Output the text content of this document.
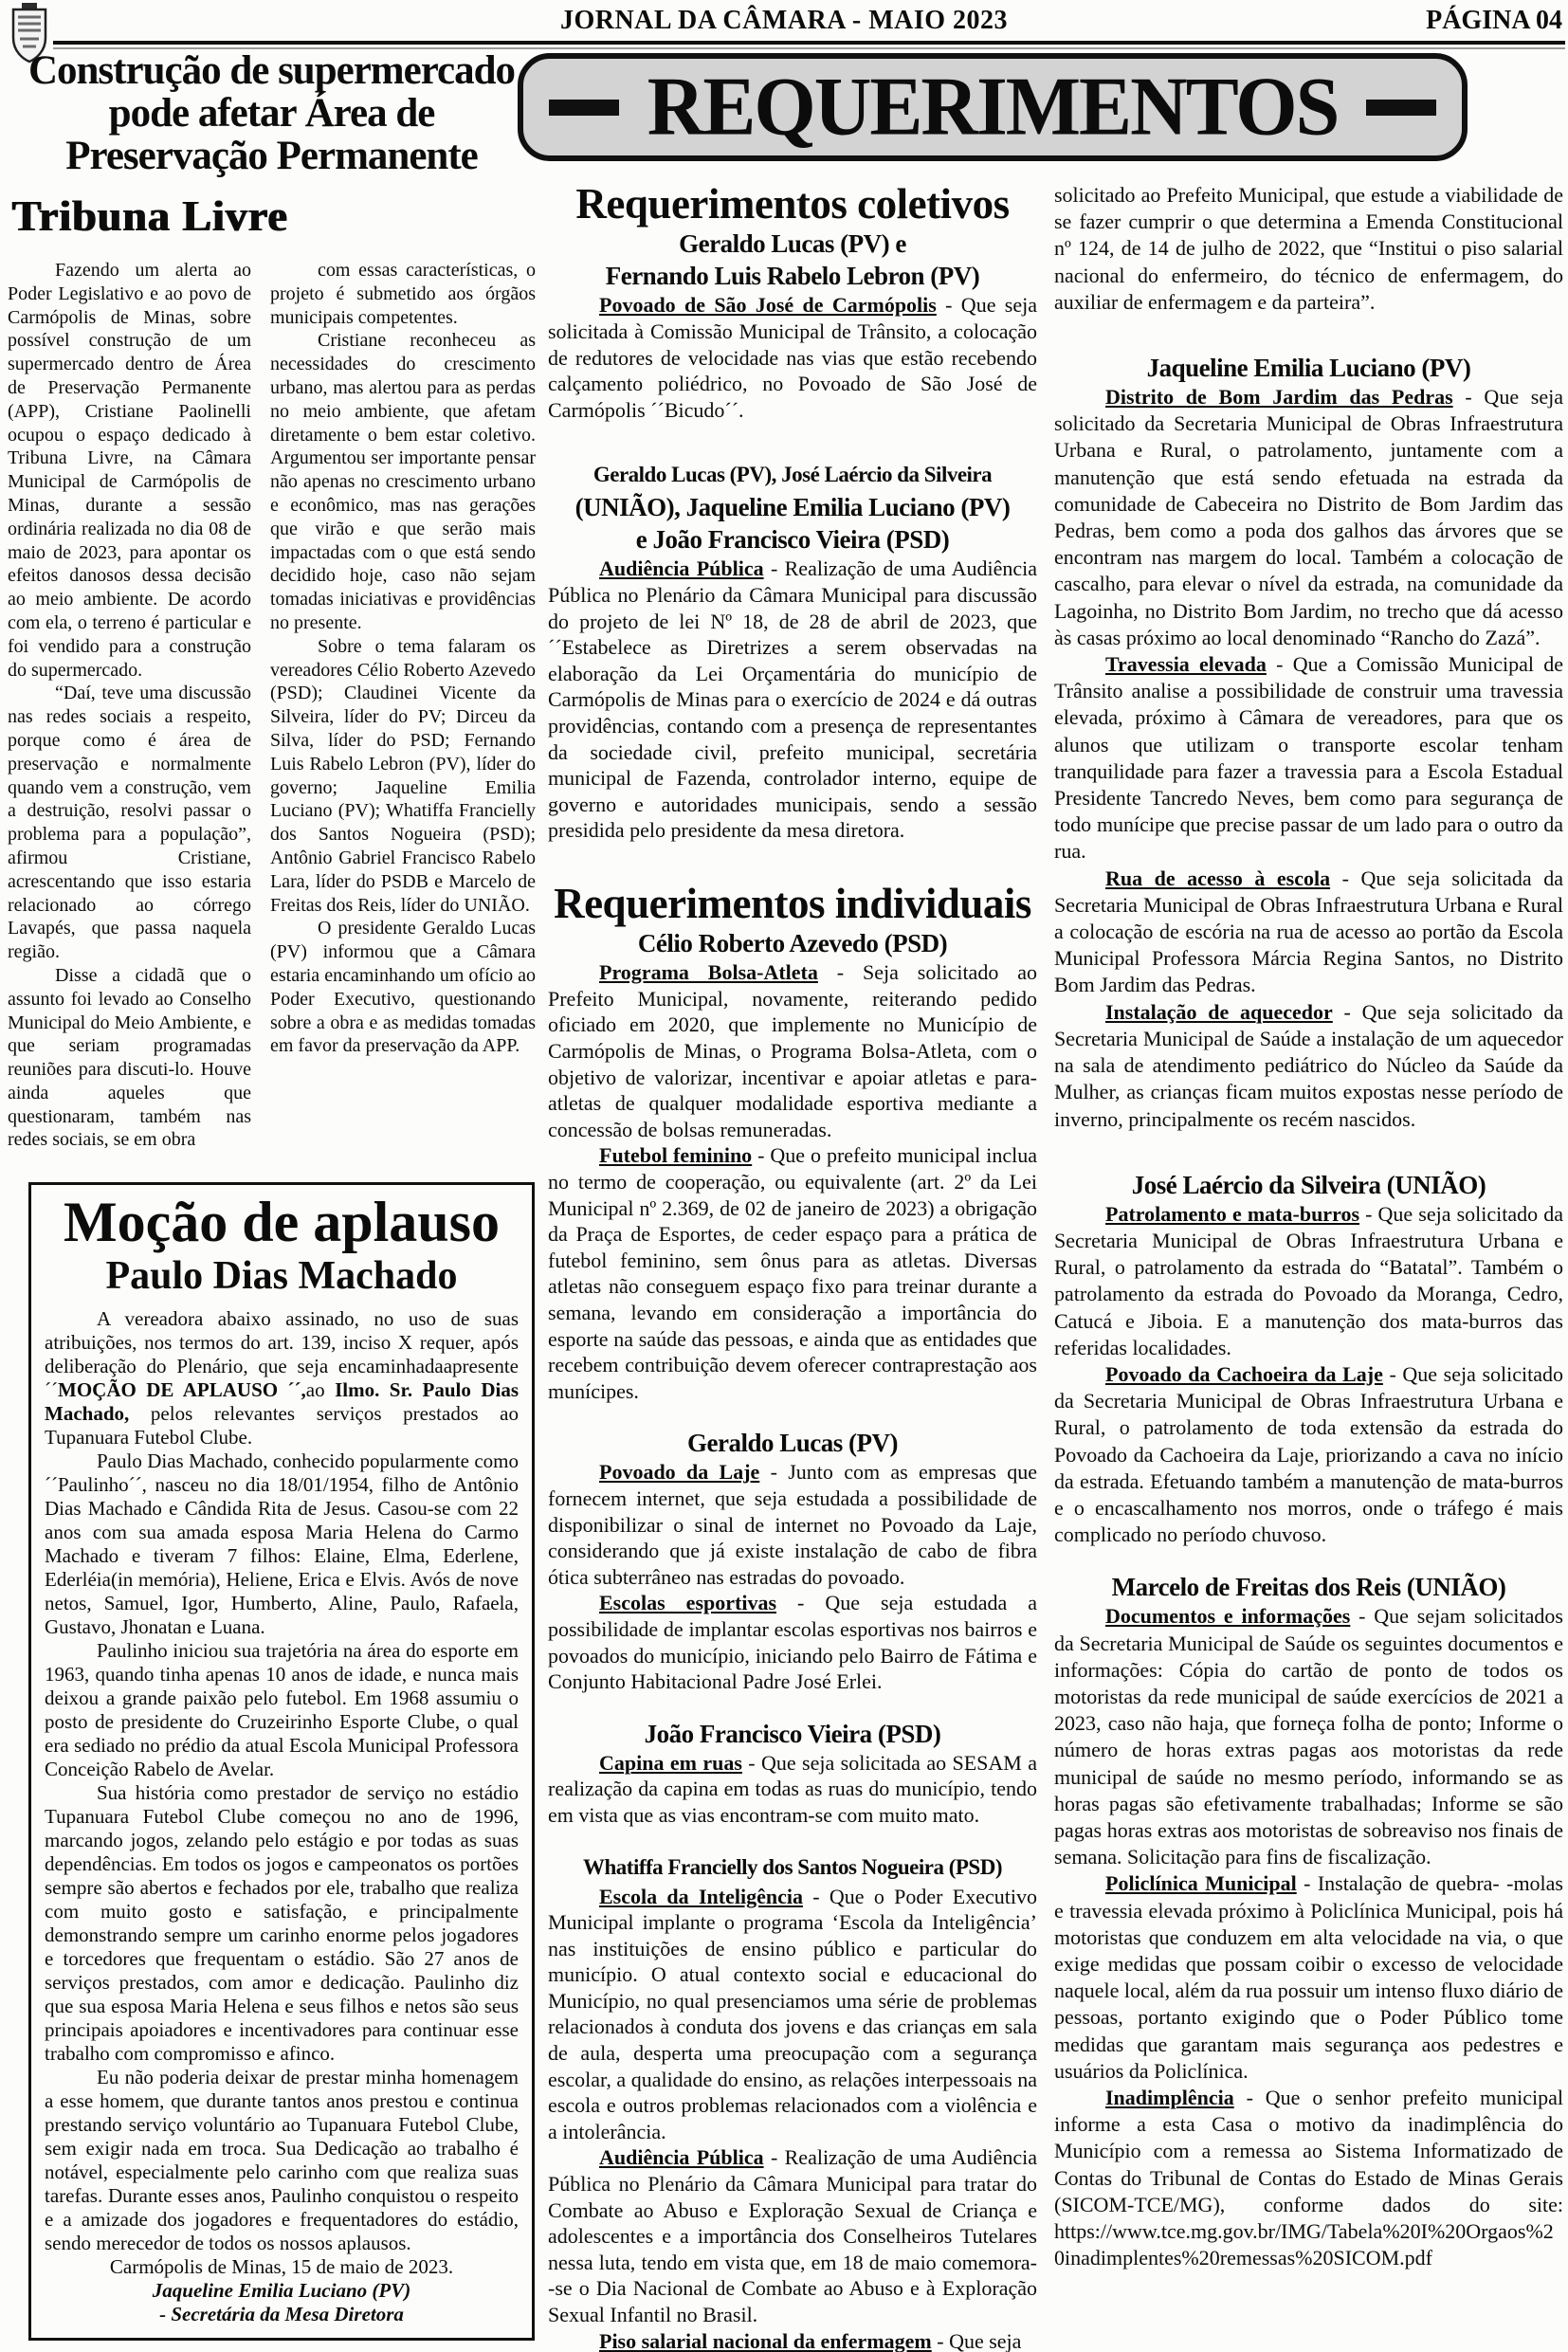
JORNAL DA CÂMARA - MAIO 2023	PÁGINA 04
REQUERIMENTOS
Construção de supermercado
pode afetar Área de
Preservação Permanente
Tribuna Livre

Fazendo um alerta ao Poder Legislativo e ao povo de Carmópolis de Minas, sobre possível construção de um supermercado dentro de Área de Preservação Permanente (APP), Cristiane Paolinelli ocupou o espaço dedicado à Tribuna Livre, na Câmara Municipal de Carmópolis de Minas, durante a sessão ordinária realizada no dia 08 de maio de 2023, para apontar os efeitos danosos dessa decisão ao meio ambiente. De acordo com ela, o terreno é particular e foi vendido para a construção do supermercado.

“Daí, teve uma discussão nas redes sociais a respeito, porque como é área de preservação e normalmente quando vem a construção, vem a destruição, resolvi passar o problema para a população”, afirmou Cristiane, acrescentando que isso estaria relacionado ao córrego Lavapés, que passa naquela região.

Disse a cidadã que o assunto foi levado ao Conselho Municipal do Meio Ambiente, e que seriam programadas reuniões para discuti-lo. Houve ainda aqueles que questionaram, também nas redes sociais, se em obra

com essas características, o projeto é submetido aos órgãos municipais competentes.

Cristiane reconheceu as necessidades do crescimento urbano, mas alertou para as perdas no meio ambiente, que afetam diretamente o bem estar coletivo. Argumentou ser importante pensar não apenas no crescimento urbano e econômico, mas nas gerações que virão e que serão mais impactadas com o que está sendo decidido hoje, caso não sejam tomadas iniciativas e providências no presente.

Sobre o tema falaram os vereadores Célio Roberto Azevedo (PSD); Claudinei Vicente da Silveira, líder do PV; Dirceu da Silva, líder do PSD; Fernando Luis Rabelo Lebron (PV), líder do governo; Jaqueline Emilia Luciano (PV); Whatiffa Francielly dos Santos Nogueira (PSD); Antônio Gabriel Francisco Rabelo Lara, líder do PSDB e Marcelo de Freitas dos Reis, líder do UNIÃO.

O presidente Geraldo Lucas (PV) informou que a Câmara estaria encaminhando um ofício ao Poder Executivo, questionando sobre a obra e as medidas tomadas em favor da preservação da APP.

Moção de aplauso
Paulo Dias Machado

A vereadora abaixo assinado, no uso de suas atribuições, nos termos do art. 139, inciso X requer, após deliberação do Plenário, que seja encaminhadaapresente´´MOÇÃO DE APLAUSO ´´,ao Ilmo. Sr. Paulo Dias Machado, pelos relevantes serviços prestados ao Tupanuara Futebol Clube.

Paulo Dias Machado, conhecido popularmente como ´´Paulinho´´, nasceu no dia 18/01/1954, filho de Antônio Dias Machado e Cândida Rita de Jesus. Casou-se com 22 anos com sua amada esposa Maria Helena do Carmo Machado e tiveram 7 filhos: Elaine, Elma, Ederlene, Ederléia(in memória), Heliene, Erica e Elvis. Avós de nove netos, Samuel, Igor, Humberto, Aline, Paulo, Rafaela, Gustavo, Jhonatan e Luana.

Paulinho iniciou sua trajetória na área do esporte em 1963, quando tinha apenas 10 anos de idade, e nunca mais deixou a grande paixão pelo futebol. Em 1968 assumiu o posto de presidente do Cruzeirinho Esporte Clube, o qual era sediado no prédio da atual Escola Municipal Professora Conceição Rabelo de Avelar.

Sua história como prestador de serviço no estádio Tupanuara Futebol Clube começou no ano de 1996, marcando jogos, zelando pelo estágio e por todas as suas dependências. Em todos os jogos e campeonatos os portões sempre são abertos e fechados por ele, trabalho que realiza com muito gosto e satisfação, e principalmente demonstrando sempre um carinho enorme pelos jogadores e torcedores que frequentam o estádio. São 27 anos de serviços prestados, com amor e dedicação. Paulinho diz que sua esposa Maria Helena e seus filhos e netos são seus principais apoiadores e incentivadores para continuar esse trabalho com compromisso e afinco.

Eu não poderia deixar de prestar minha homenagem a esse homem, que durante tantos anos prestou e continua prestando serviço voluntário ao Tupanuara Futebol Clube, sem exigir nada em troca. Sua Dedicação ao trabalho é notável, especialmente pelo carinho com que realiza suas tarefas. Durante esses anos, Paulinho conquistou o respeito e a amizade dos jogadores e frequentadores do estádio, sendo merecedor de todos os nossos aplausos.

Carmópolis de Minas, 15 de maio de 2023.

Jaqueline Emilia Luciano (PV)

- Secretária da Mesa Diretora

Requerimentos coletivos
Geraldo Lucas (PV) e
Fernando Luis Rabelo Lebron (PV)

Povoado de São José de Carmópolis - Que seja solicitada à Comissão Municipal de Trânsito, a colocação de redutores de velocidade nas vias que estão recebendo calçamento poliédrico, no Povoado de São José de Carmópolis ´´Bicudo´´.

Geraldo Lucas (PV), José Laércio da Silveira
(UNIÃO), Jaqueline Emilia Luciano (PV)
e João Francisco Vieira (PSD)

Audiência Pública - Realização de uma Audiência Pública no Plenário da Câmara Municipal para discussão do projeto de lei Nº 18, de 28 de abril de 2023, que ´´Estabelece as Diretrizes a serem observadas na elaboração da Lei Orçamentária do município de Carmópolis de Minas para o exercício de 2024 e dá outras providências, contando com a presença de representantes da sociedade civil, prefeito municipal, secretária municipal de Fazenda, controlador interno, equipe de governo e autoridades municipais, sendo a sessão presidida pelo presidente da mesa diretora.

Requerimentos individuais
Célio Roberto Azevedo (PSD)

Programa Bolsa-Atleta - Seja solicitado ao Prefeito Municipal, novamente, reiterando pedido oficiado em 2020, que implemente no Município de Carmópolis de Minas, o Programa Bolsa-Atleta, com o objetivo de valorizar, incentivar e apoiar atletas e para-atletas de qualquer modalidade esportiva mediante a concessão de bolsas remuneradas.

Futebol feminino - Que o prefeito municipal inclua no termo de cooperação, ou equivalente (art. 2º da Lei Municipal nº 2.369, de 02 de janeiro de 2023) a obrigação da Praça de Esportes, de ceder espaço para a prática de futebol feminino, sem ônus para as atletas. Diversas atletas não conseguem espaço fixo para treinar durante a semana, levando em consideração a importância do esporte na saúde das pessoas, e ainda que as entidades que recebem contribuição devem oferecer contraprestação aos munícipes.

Geraldo Lucas (PV)

Povoado da Laje - Junto com as empresas que fornecem internet, que seja estudada a possibilidade de disponibilizar o sinal de internet no Povoado da Laje, considerando que já existe instalação de cabo de fibra ótica subterrâneo nas estradas do povoado.

Escolas esportivas - Que seja estudada a possibilidade de implantar escolas esportivas nos bairros e povoados do município, iniciando pelo Bairro de Fátima e Conjunto Habitacional Padre José Erlei.

João Francisco Vieira (PSD)

Capina em ruas - Que seja solicitada ao SESAM a realização da capina em todas as ruas do município, tendo em vista que as vias encontram-se com muito mato.

Whatiffa Francielly dos Santos Nogueira (PSD)

Escola da Inteligência - Que o Poder Executivo Municipal implante o programa ‘Escola da Inteligência’ nas instituições de ensino público e particular do município. O atual contexto social e educacional do Município, no qual presenciamos uma série de problemas relacionados à conduta dos jovens e das crianças em sala de aula, desperta uma preocupação com a segurança escolar, a qualidade do ensino, as relações interpessoais na escola e outros problemas relacionados com a violência e a intolerância.

Audiência Pública - Realização de uma Audiência Pública no Plenário da Câmara Municipal para tratar do Combate ao Abuso e Exploração Sexual de Criança e adolescentes e a importância dos Conselheiros Tutelares nessa luta, tendo em vista que, em 18 de maio comemora- -se o Dia Nacional de Combate ao Abuso e à Exploração Sexual Infantil no Brasil.

Piso salarial nacional da enfermagem - Que seja

solicitado ao Prefeito Municipal, que estude a viabilidade de se fazer cumprir o que determina a Emenda Constitucional nº 124, de 14 de julho de 2022, que “Institui o piso salarial nacional do enfermeiro, do técnico de enfermagem, do auxiliar de enfermagem e da parteira”.

Jaqueline Emilia Luciano (PV)

Distrito de Bom Jardim das Pedras - Que seja solicitado da Secretaria Municipal de Obras Infraestrutura Urbana e Rural, o patrolamento, juntamente com a manutenção que está sendo efetuada na estrada da comunidade de Cabeceira no Distrito de Bom Jardim das Pedras, bem como a poda dos galhos das árvores que se encontram nas margem do local. Também a colocação de cascalho, para elevar o nível da estrada, na comunidade da Lagoinha, no Distrito Bom Jardim, no trecho que dá acesso às casas próximo ao local denominado “Rancho do Zazá”.

Travessia elevada - Que a Comissão Municipal de Trânsito analise a possibilidade de construir uma travessia elevada, próximo à Câmara de vereadores, para que os alunos que utilizam o transporte escolar tenham tranquilidade para fazer a travessia para a Escola Estadual Presidente Tancredo Neves, bem como para segurança de todo munícipe que precise passar de um lado para o outro da rua.

Rua de acesso à escola - Que seja solicitada da Secretaria Municipal de Obras Infraestrutura Urbana e Rural a colocação de escória na rua de acesso ao portão da Escola Municipal Professora Márcia Regina Santos, no Distrito Bom Jardim das Pedras.

Instalação de aquecedor - Que seja solicitado da Secretaria Municipal de Saúde a instalação de um aquecedor na sala de atendimento pediátrico do Núcleo da Saúde da Mulher, as crianças ficam muitos expostas nesse período de inverno, principalmente os recém nascidos.

José Laércio da Silveira (UNIÃO)

Patrolamento e mata-burros - Que seja solicitado da Secretaria Municipal de Obras Infraestrutura Urbana e Rural, o patrolamento da estrada do “Batatal”. Também o patrolamento da estrada do Povoado da Moranga, Cedro, Catucá e Jiboia. E a manutenção dos mata-burros das referidas localidades.

Povoado da Cachoeira da Laje - Que seja solicitado da Secretaria Municipal de Obras Infraestrutura Urbana e Rural, o patrolamento de toda extensão da estrada do Povoado da Cachoeira da Laje, priorizando a cava no início da estrada. Efetuando também a manutenção de mata-burros e o encascalhamento nos morros, onde o tráfego é mais complicado no período chuvoso.

Marcelo de Freitas dos Reis (UNIÃO)

Documentos e informações - Que sejam solicitados da Secretaria Municipal de Saúde os seguintes documentos e informações: Cópia do cartão de ponto de todos os motoristas da rede municipal de saúde exercícios de 2021 a 2023, caso não haja, que forneça folha de ponto; Informe o número de horas extras pagas aos motoristas da rede municipal de saúde no mesmo período, informando se as horas pagas são efetivamente trabalhadas; Informe se são pagas horas extras aos motoristas de sobreaviso nos finais de semana. Solicitação para fins de fiscalização.

Policlínica Municipal - Instalação de quebra- -molas e travessia elevada próximo à Policlínica Municipal, pois há motoristas que conduzem em alta velocidade na via, o que exige medidas que possam coibir o excesso de velocidade naquele local, além da rua possuir um intenso fluxo diário de pessoas, portanto exigindo que o Poder Público tome medidas que garantam mais segurança aos pedestres e usuários da Policlínica.

Inadimplência - Que o senhor prefeito municipal informe a esta Casa o motivo da inadimplência do Município com a remessa ao Sistema Informatizado de Contas do Tribunal de Contas do Estado de Minas Gerais (SICOM-TCE/MG), conforme dados do site: https://www.tce.mg.gov.br/IMG/Tabela%20I%20Orgaos%20inadimplentes%20remessas%20SICOM.pdf
